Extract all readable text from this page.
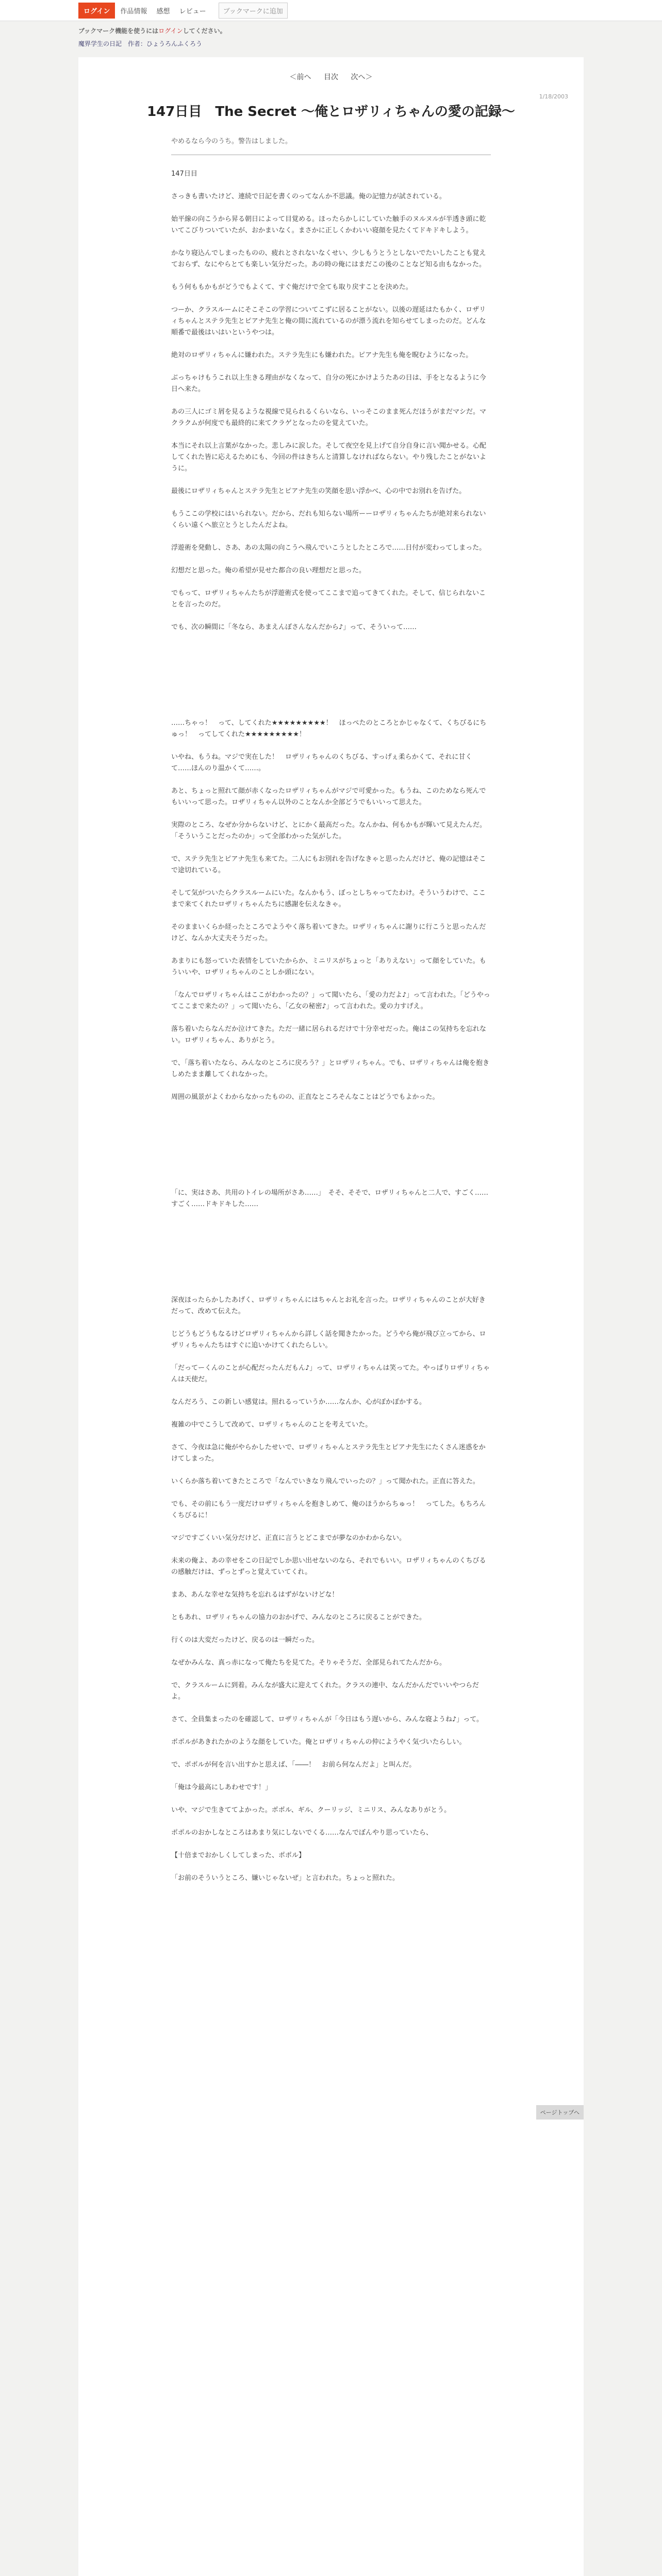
ログイン	作品情報 感想 レビュー	ブックマークに追加
ブックマーク機能を使うにはログインしてください。
魔界学生の日記　 作者：ひょうろんふくろう
＜前へ 目次 次へ＞
1/18/2003
147日目　The Secret ～俺とロザリィちゃんの愛の記録～
やめるなら今のうち。警告はしました。

147日目

さっきも書いたけど、連続で日記を書くのってなんか不思議。俺の記憶力が試されている。

始平線の向こうから昇る朝日によって目覚める。ほったらかしにしていた触手のヌルヌルが半透き頭に乾いてこびりついていたが、おかまいなく。まさかに正しくかわいい寝顔を見たくてドキドキしよう。

かなり寝込んでしまったものの、疲れとされないなくせい、少しもうとうとしないでたいしたことも覚えておらず、なにやらとても楽しい気分だった。あの時の俺にはまだこの後のことなど知る由もなかった。

もう何ももかもがどうでもよくて、すぐ俺だけで全ても取り戻すことを決めた。

つーか、クラスルームにそこそこの学習についてこずに居ることがない。以後の遅延はたもかく、ロザリィちゃんとステラ先生とピアナ先生と俺の間に流れているのが漂う流れを知らせてしまったのだ。どんな順番で最後はいはいというやつは。

絶対のロザリィちゃんに嫌われた。ステラ先生にも嫌われた。ピアナ先生も俺を睨むようになった。

ぶっちゃけもうこれ以上生きる理由がなくなって、自分の死にかけようたあの日は、手をとなるように今日へ来た。

あの三人にゴミ屑を見るような視線で見られるくらいなら、いっそこのまま死んだほうがまだマシだ。マクラクムが何度でも最終的に来てクラゲとなったのを覚えていた。

本当にそれ以上言葉がなかった。悲しみに涙した。そして夜空を見上げて自分自身に言い聞かせる。心配してくれた皆に応えるためにも、今回の件はきちんと清算しなければならない。やり残したことがないように。

最後にロザリィちゃんとステラ先生とピアナ先生の笑顔を思い浮かべ、心の中でお別れを告げた。

もうここの学校にはいられない。だから、だれも知らない場所ーーロザリィちゃんたちが絶対来られないくらい遠くへ旅立とうとしたんだよね。

浮遊術を発動し、さあ、あの太陽の向こうへ飛んでいこうとしたところで……日付が変わってしまった。

幻想だと思った。俺の希望が見せた都合の良い理想だと思った。

でもって、ロザリィちゃんたちが浮遊術式を使ってここまで追ってきてくれた。そして、信じられないことを言ったのだ。

でも、次の瞬間に「冬なら、あまえんぼさんなんだから♪」って、そういって……

……ちゃっ！　って、してくれた★★★★★★★★★！　ほっぺたのところとかじゃなくて、くちびるにちゅっ！　ってしてくれた★★★★★★★★★！

いやね、もうね。マジで実在した！　ロザリィちゃんのくちびる、すっげぇ柔らかくて、それに甘くて……ほんのり温かくて……。

あと、ちょっと照れて顔が赤くなったロザリィちゃんがマジで可愛かった。もうね、このためなら死んでもいいって思った。ロザリィちゃん以外のことなんか全部どうでもいいって思えた。

実際のところ、なぜか分からないけど、とにかく最高だった。なんかね、何もかもが輝いて見えたんだ。「そういうことだったのか」って全部わかった気がした。

で、ステラ先生とピアナ先生も来てた。二人にもお別れを告げなきゃと思ったんだけど、俺の記憶はそこで途切れている。

そして気がついたらクラスルームにいた。なんかもう、ぼっとしちゃってたわけ。そういうわけで、ここまで来てくれたロザリィちゃんたちに感謝を伝えなきゃ。

そのままいくらか経ったところでようやく落ち着いてきた。ロザリィちゃんに謝りに行こうと思ったんだけど、なんか大丈夫そうだった。

あまりにも怒っていた表情をしていたからか、ミニリスがちょっと「ありえない」って顔をしていた。もういいや、ロザリィちゃんのことしか頭にない。

「なんでロザリィちゃんはここがわかったの？」って聞いたら、「愛の力だよ♪」って言われた。「どうやってここまで来たの？」って聞いたら、「乙女の秘密♪」って言われた。愛の力すげえ。

落ち着いたらなんだか泣けてきた。ただ一緒に居られるだけで十分幸せだった。俺はこの気持ちを忘れない。ロザリィちゃん、ありがとう。

で、「落ち着いたなら、みんなのところに戻ろう？」とロザリィちゃん。でも、ロザリィちゃんは俺を抱きしめたまま離してくれなかった。

周囲の風景がよくわからなかったものの、正直なところそんなことはどうでもよかった。

「に、実はさあ、共用のトイレの場所がさあ……」　そそ、そそで、ロザリィちゃんと二人で、すごく……すごく……ドキドキした……

深夜ほったらかしたあげく、ロザリィちゃんにはちゃんとお礼を言った。ロザリィちゃんのことが大好きだって、改めて伝えた。

じどうもどうもなるけどロザリィちゃんから詳しく話を聞きたかった。どうやら俺が飛び立ってから、ロザリィちゃんたちはすぐに追いかけてくれたらしい。

「だってーくんのことが心配だったんだもん♪」って、ロザリィちゃんは笑ってた。やっぱりロザリィちゃんは天使だ。

なんだろう、この新しい感覚は。照れるっていうか……なんか、心がぽかぽかする。

複雑の中でこうして改めて、ロザリィちゃんのことを考えていた。

さて、今夜は急に俺がやらかしたせいで、ロザリィちゃんとステラ先生とピアナ先生にたくさん迷惑をかけてしまった。

いくらか落ち着いてきたところで「なんでいきなり飛んでいったの？」って聞かれた。正直に答えた。

でも、その前にもう一度だけロザリィちゃんを抱きしめて、俺のほうからちゅっ！　ってした。もちろんくちびるに！

マジですごくいい気分だけど、正直に言うとどこまでが夢なのかわからない。

未来の俺よ、あの幸せをこの日記でしか思い出せないのなら、それでもいい。ロザリィちゃんのくちびるの感触だけは、ずっとずっと覚えていてくれ。

まあ、あんな幸せな気持ちを忘れるはずがないけどな！

ともあれ、ロザリィちゃんの協力のおかげで、みんなのところに戻ることができた。

行くのは大変だったけど、戻るのは一瞬だった。

なぜかみんな、真っ赤になって俺たちを見てた。そりゃそうだ、全部見られてたんだから。

で、クラスルームに到着。みんなが盛大に迎えてくれた。クラスの連中、なんだかんだでいいやつらだよ。

さて、全員集まったのを確認して、ロザリィちゃんが「今日はもう遅いから、みんな寝ようね♪」って。

ポポルがあきれたかのような顔をしていた。俺とロザリィちゃんの仲にようやく気づいたらしい。

で、ポポルが何を言い出すかと思えば、「――！　お前ら何なんだよ」と叫んだ。

「俺は今最高にしあわせです！」

いや、マジで生きててよかった。ポポル、ギル、クーリッジ、ミニリス、みんなありがとう。

ポポルのおかしなところはあまり気にしないでくる……なんでぼんやり思っていたら、

【十倍までおかしくしてしまった、ポポル】

「お前のそういうところ、嫌いじゃないぜ」と言われた。ちょっと照れた。

ページトップへ
